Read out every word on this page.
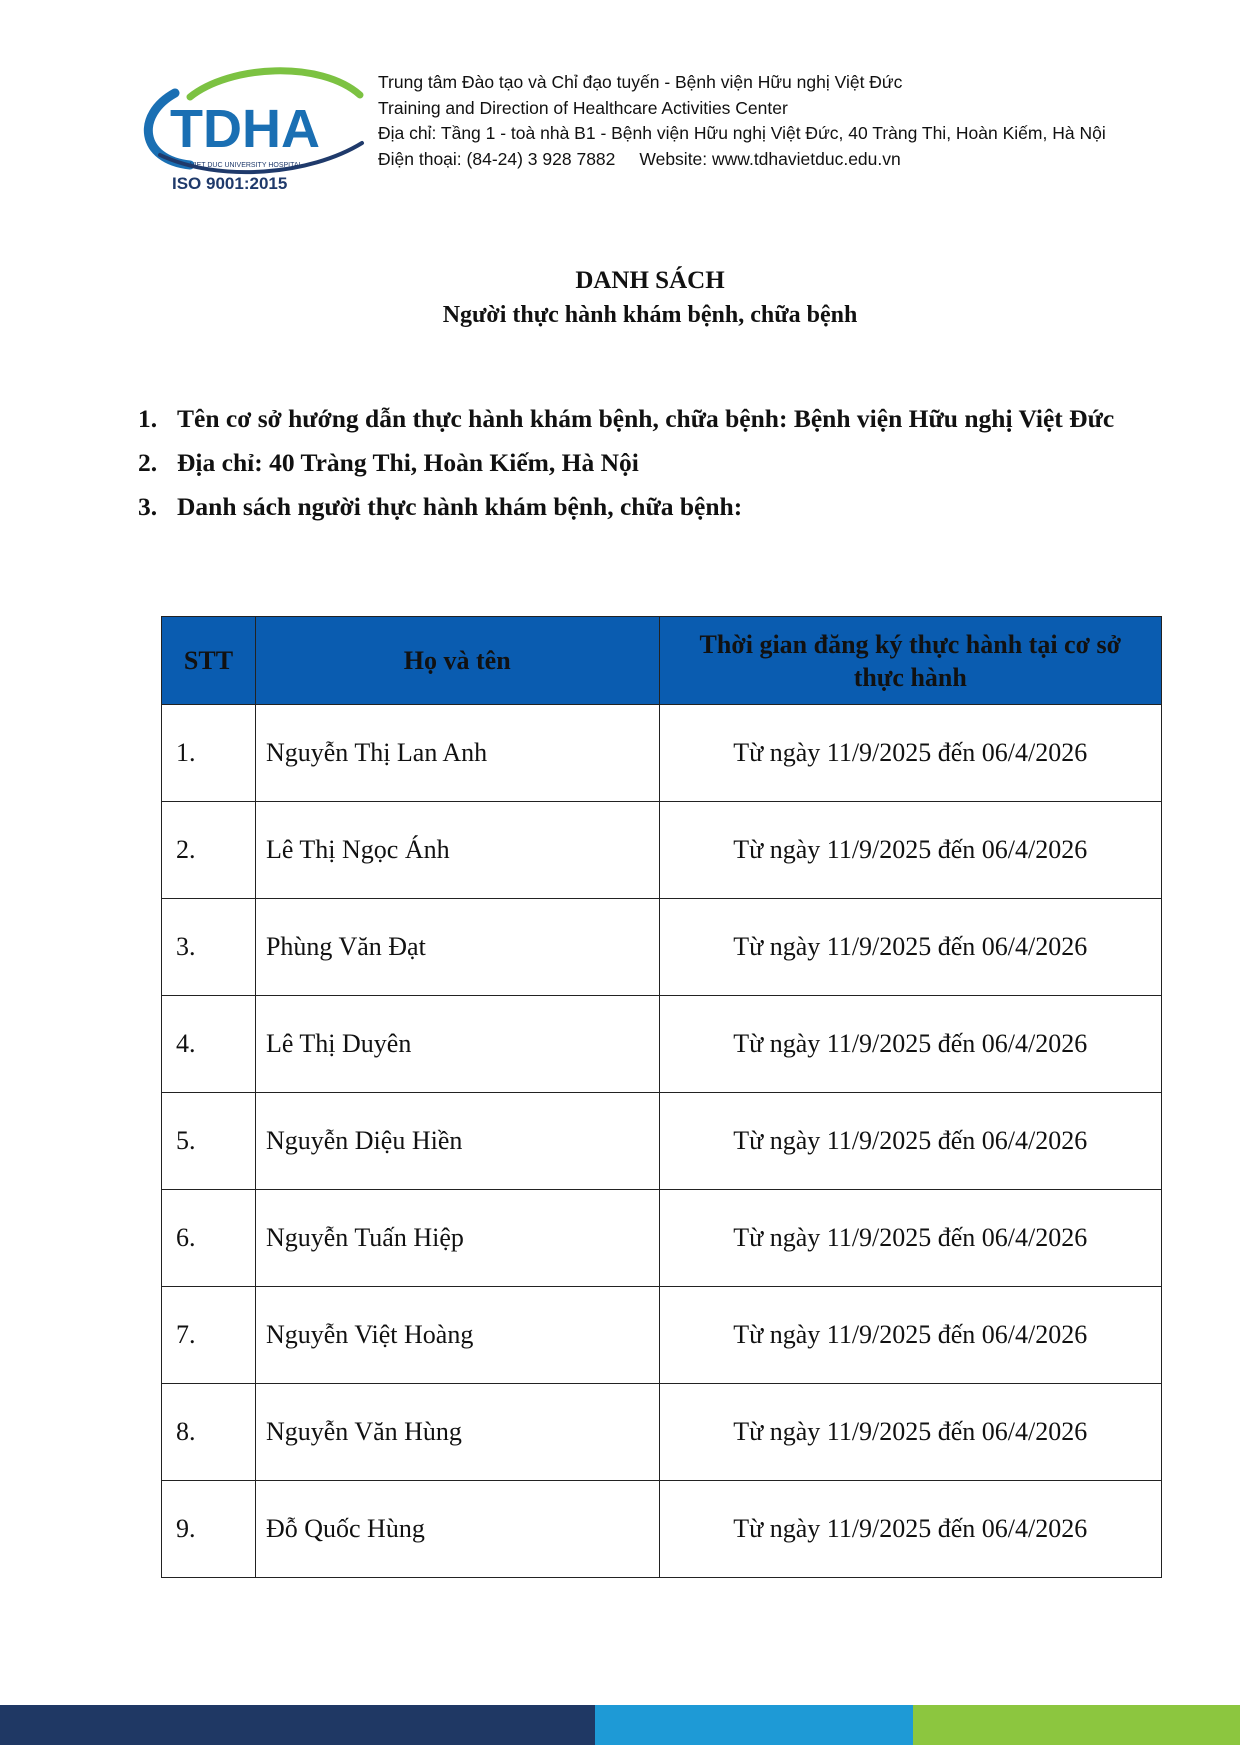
TDHA
VIET DUC UNIVERSITY HOSPITAL
ISO 9001:2015
Trung tâm Đào tạo và Chỉ đạo tuyến - Bệnh viện Hữu nghị Việt Đức
Training and Direction of Healthcare Activities Center
Địa chỉ: Tầng 1 - toà nhà B1 - Bệnh viện Hữu nghị Việt Đức, 40 Tràng Thi, Hoàn Kiếm, Hà Nội
Điện thoại: (84-24) 3 928 7882 Website: www.tdhavietduc.edu.vn
DANH SÁCH
Người thực hành khám bệnh, chữa bệnh
1. Tên cơ sở hướng dẫn thực hành khám bệnh, chữa bệnh: Bệnh viện Hữu nghị Việt Đức
2. Địa chỉ: 40 Tràng Thi, Hoàn Kiếm, Hà Nội
3. Danh sách người thực hành khám bệnh, chữa bệnh:
STT	Họ và tên	Thời gian đăng ký thực hành tại cơ sở thực hành
1.	Nguyễn Thị Lan Anh	Từ ngày 11/9/2025 đến 06/4/2026
2.	Lê Thị Ngọc Ánh	Từ ngày 11/9/2025 đến 06/4/2026
3.	Phùng Văn Đạt	Từ ngày 11/9/2025 đến 06/4/2026
4.	Lê Thị Duyên	Từ ngày 11/9/2025 đến 06/4/2026
5.	Nguyễn Diệu Hiền	Từ ngày 11/9/2025 đến 06/4/2026
6.	Nguyễn Tuấn Hiệp	Từ ngày 11/9/2025 đến 06/4/2026
7.	Nguyễn Việt Hoàng	Từ ngày 11/9/2025 đến 06/4/2026
8.	Nguyễn Văn Hùng	Từ ngày 11/9/2025 đến 06/4/2026
9.	Đỗ Quốc Hùng	Từ ngày 11/9/2025 đến 06/4/2026
